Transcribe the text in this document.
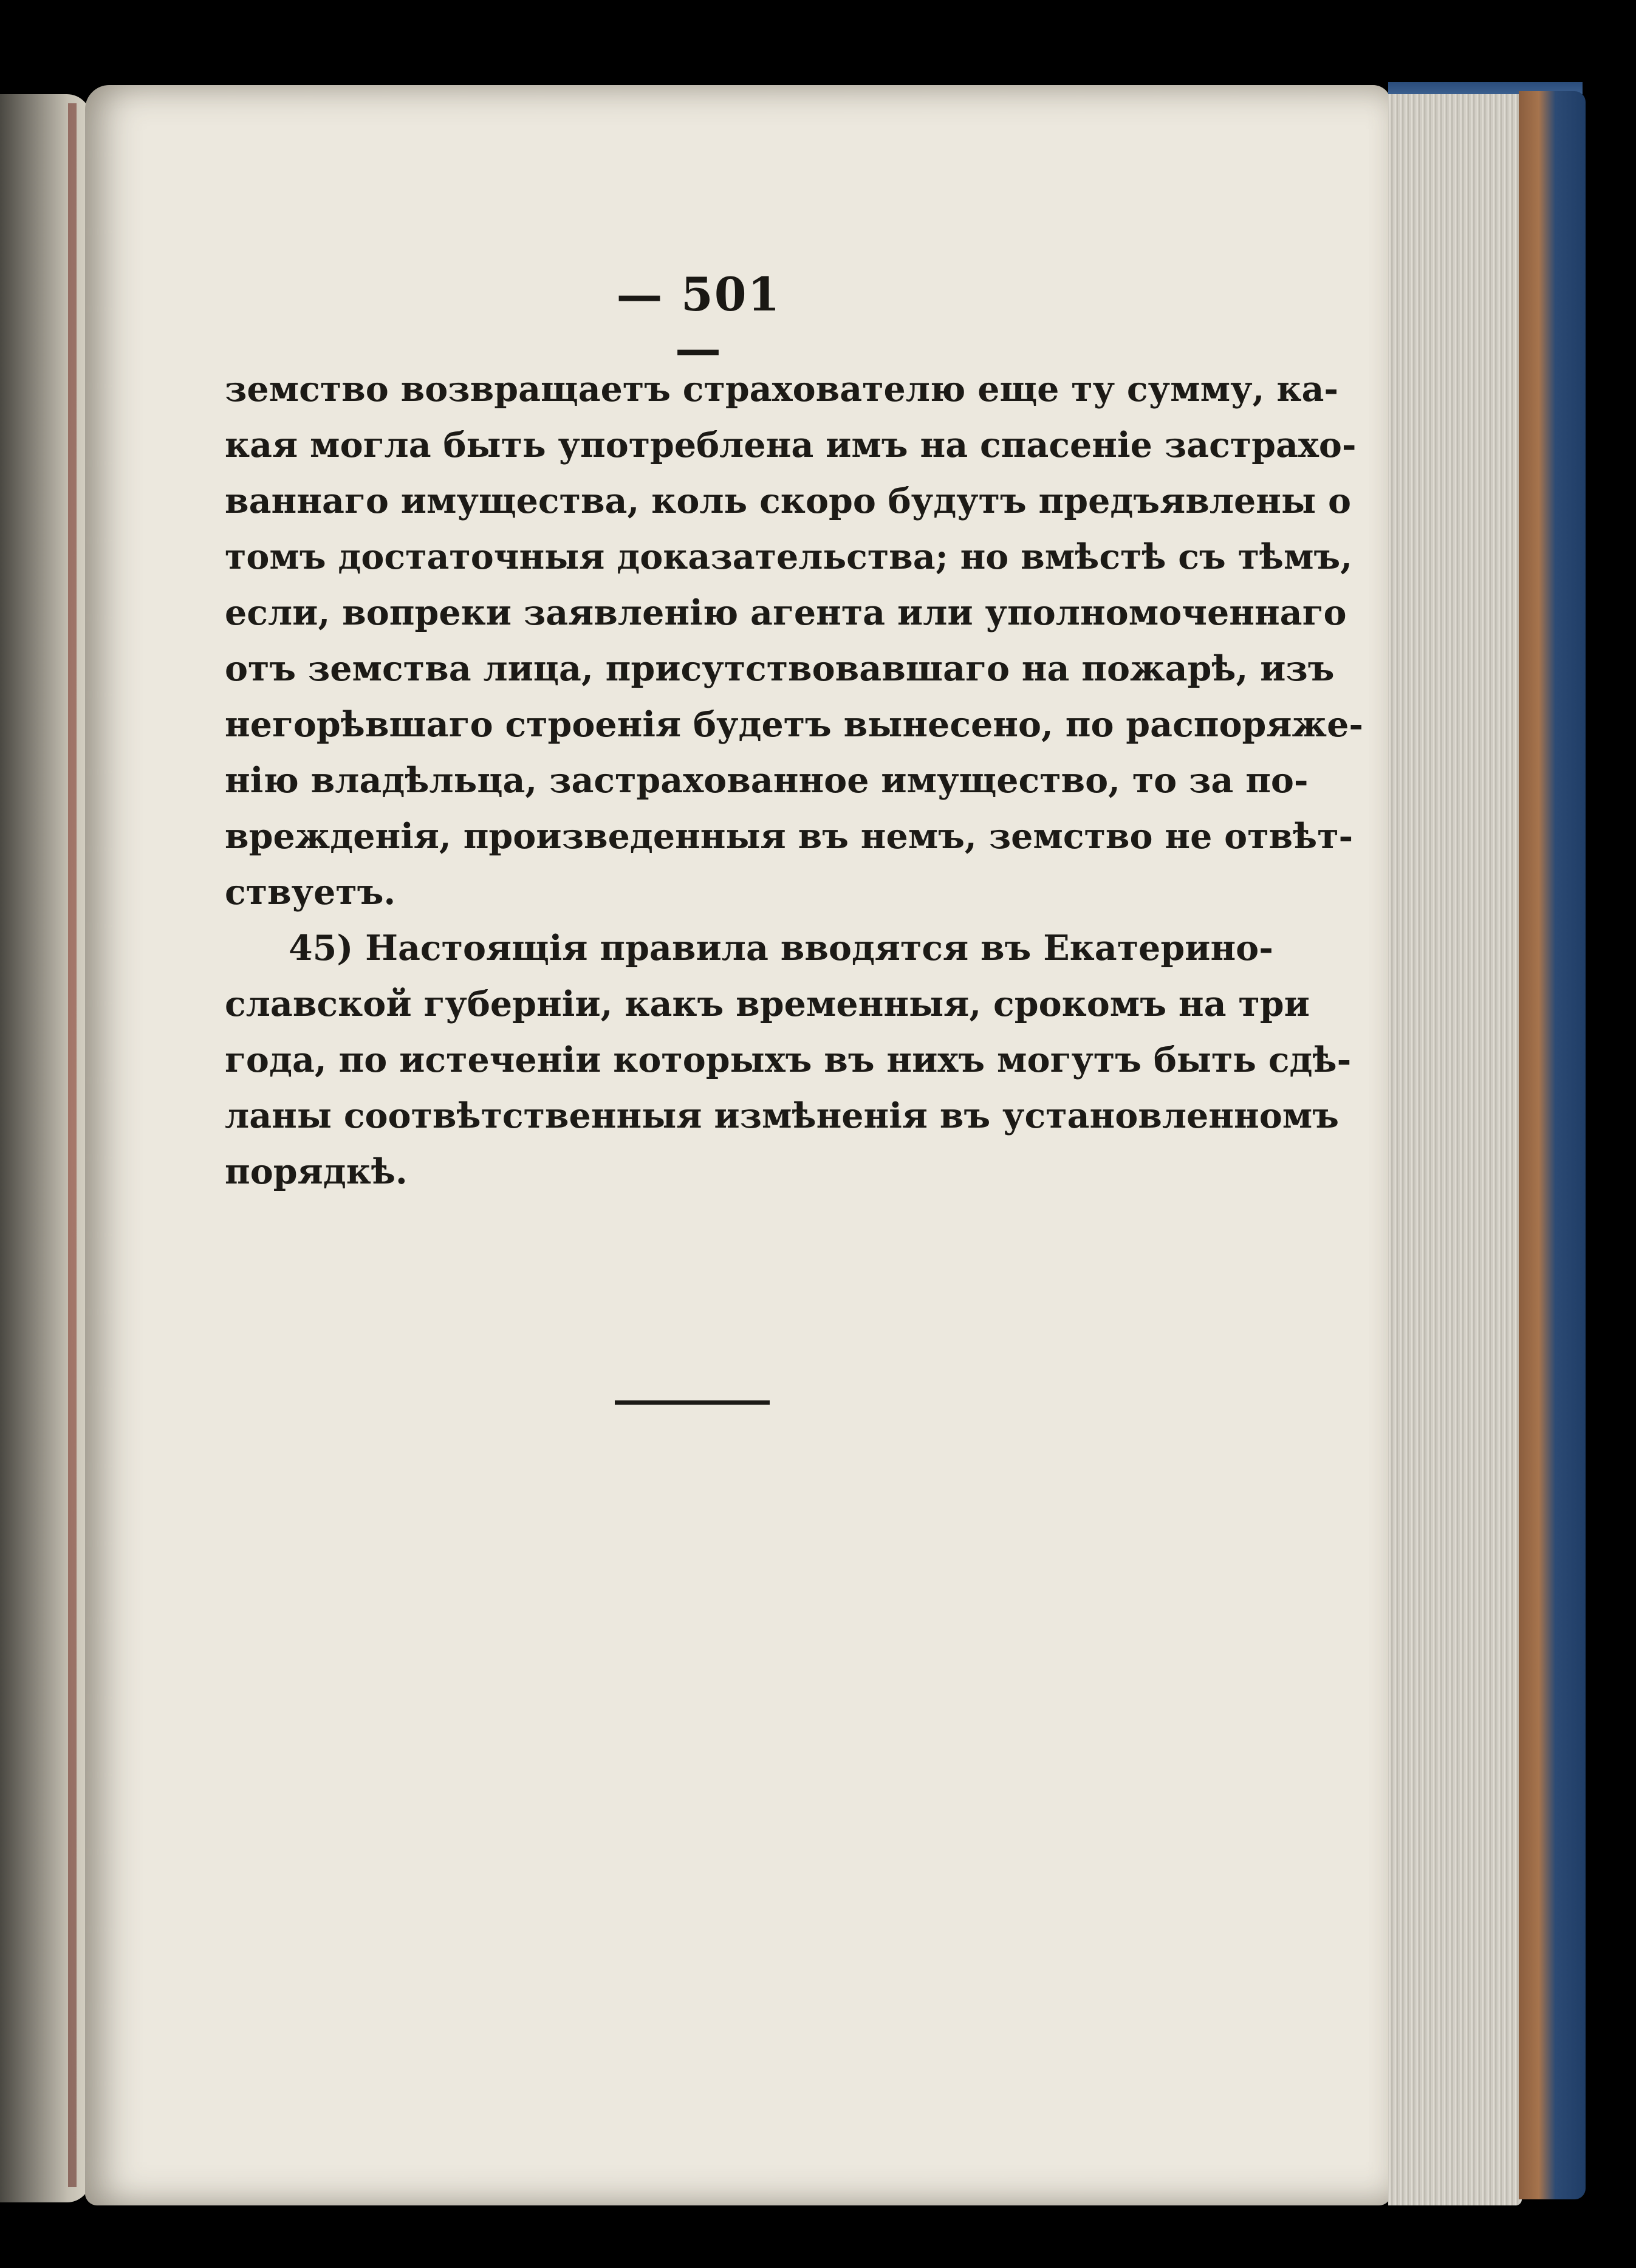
— 501 —
земство возвращаетъ страхователю еще ту сумму, ка-
кая могла быть употреблена имъ на спасеніе застрахо-
ваннаго имущества, коль скоро будутъ предъявлены о
томъ достаточныя доказательства; но вмѣстѣ съ тѣмъ,
если, вопреки заявленію агента или уполномоченнаго
отъ земства лица, присутствовавшаго на пожарѣ, изъ
негорѣвшаго строенія будетъ вынесено, по распоряже-
нію владѣльца, застрахованное имущество, то за по-
врежденія, произведенныя въ немъ, земство не отвѣт-
ствуетъ.
45) Настоящія правила вводятся въ Екатерино-
славской губерніи, какъ временныя, срокомъ на три
года, по истеченіи которыхъ въ нихъ могутъ быть сдѣ-
ланы соотвѣтственныя измѣненія въ установленномъ
порядкѣ.
